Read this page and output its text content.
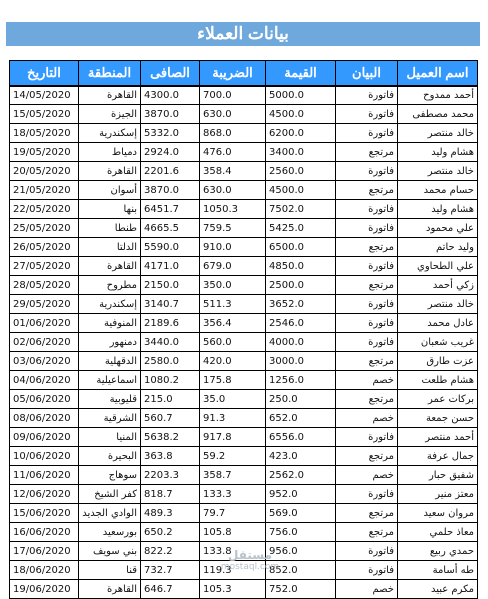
بيانات العملاء
اسم العميل	البيان	القيمة	الضريبة	الصافى	المنطقة	التاريخ
أحمد ممدوح	فاتورة	5000.0	700.0	4300.0	القاهرة	14/05/2020
محمد مصطفى	فاتورة	4500.0	630.0	3870.0	الجيزة	15/05/2020
خالد منتصر	فاتورة	6200.0	868.0	5332.0	إسكندرية	18/05/2020
هشام وليد	مرتجع	3400.0	476.0	2924.0	دمياط	19/05/2020
خالد منتصر	فاتورة	2560.0	358.4	2201.6	القاهرة	20/05/2020
حسام محمد	مرتجع	4500.0	630.0	3870.0	أسوان	21/05/2020
هشام وليد	فاتورة	7502.0	1050.3	6451.7	بنها	22/05/2020
علي محمود	فاتورة	5425.0	759.5	4665.5	طنطا	25/05/2020
وليد حاتم	مرتجع	6500.0	910.0	5590.0	الدلتا	26/05/2020
علي الطحاوي	فاتورة	4850.0	679.0	4171.0	القاهرة	27/05/2020
زكي أحمد	مرتجع	2500.0	350.0	2150.0	مطروح	28/05/2020
خالد منتصر	فاتورة	3652.0	511.3	3140.7	إسكندرية	29/05/2020
عادل محمد	فاتورة	2546.0	356.4	2189.6	المنوفية	01/06/2020
غريب شعبان	فاتورة	4000.0	560.0	3440.0	دمنهور	02/06/2020
عزت طارق	مرتجع	3000.0	420.0	2580.0	الدقهلية	03/06/2020
هشام طلعت	خصم	1256.0	175.8	1080.2	اسماعيلية	04/06/2020
بركات عمر	مرتجع	250.0	35.0	215.0	قليوبية	05/06/2020
حسن جمعة	خصم	652.0	91.3	560.7	الشرقية	08/06/2020
أحمد منتصر	فاتورة	6556.0	917.8	5638.2	المنيا	09/06/2020
جمال عرفة	مرتجع	423.0	59.2	363.8	البحيرة	10/06/2020
شفيق حبار	خصم	2562.0	358.7	2203.3	سوهاج	11/06/2020
معتز منير	فاتورة	952.0	133.3	818.7	كفر الشيخ	12/06/2020
مروان سعيد	مرتجع	569.0	79.7	489.3	الوادي الجديد	15/06/2020
معاذ حلمي	مرتجع	756.0	105.8	650.2	بورسعيد	16/06/2020
حمدي ربيع	فاتورة	956.0	133.8	822.2	بني سويف	17/06/2020
طه أسامة	فاتورة	852.0	119.3	732.7	قنا	18/06/2020
مكرم عبيد	خصم	752.0	105.3	646.7	القاهرة	19/06/2020
مستقل
mostaql.com
